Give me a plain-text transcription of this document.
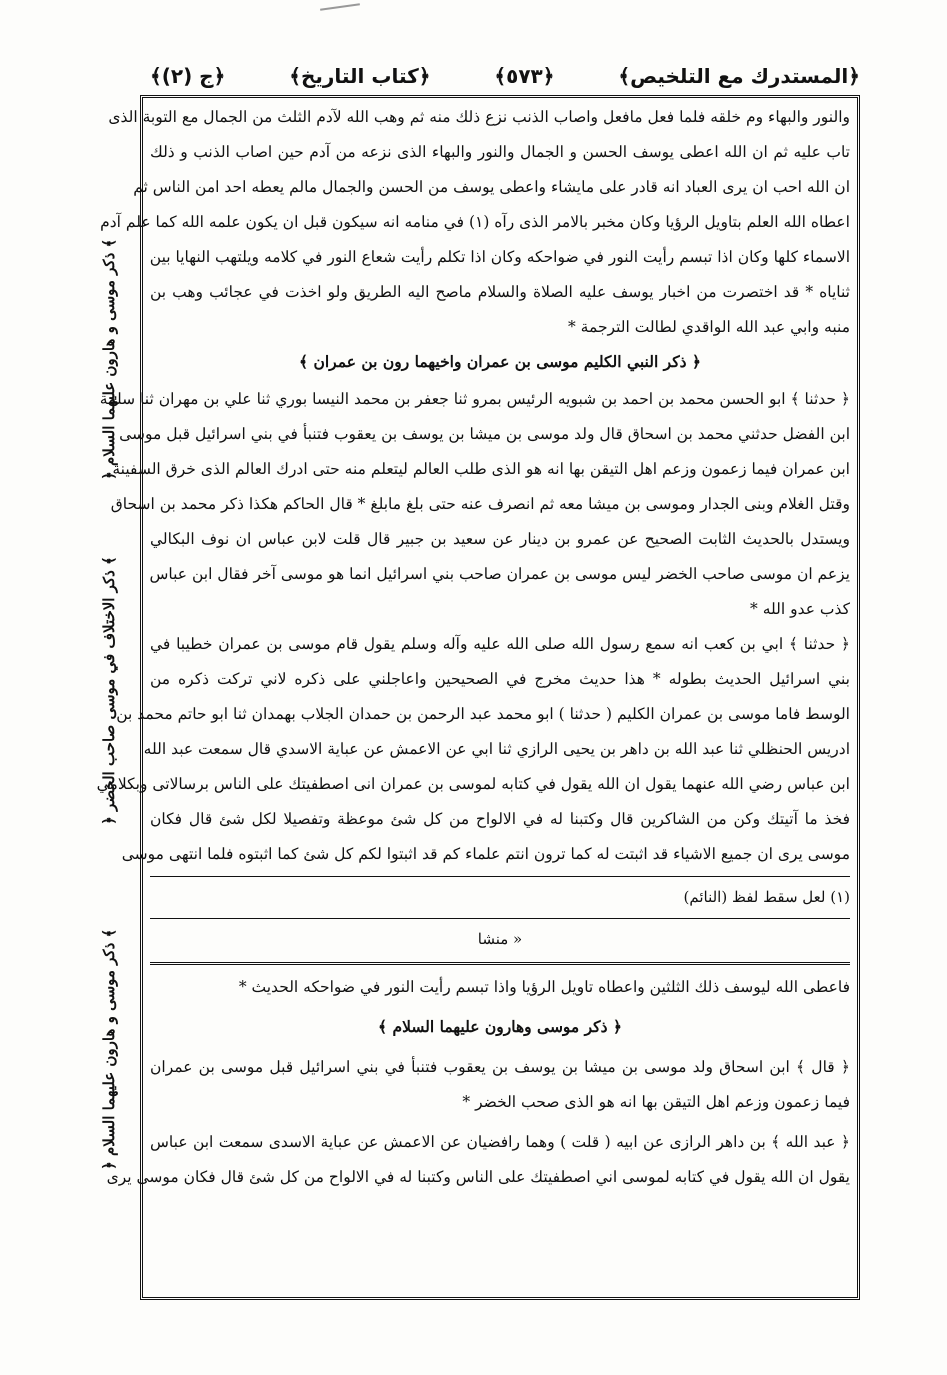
﴿المستدرك مع التلخيص﴾
﴿٥٧٣﴾
﴿كتاب التاريخ﴾
﴿ج (٢)﴾
والنور والبهاء وم خلقه فلما فعل مافعل واصاب الذنب نزع ذلك منه ثم وهب الله لآدم الثلث من الجمال مع التوبة الذى
تاب عليه ثم ان الله اعطى يوسف الحسن و الجمال والنور والبهاء الذى نزعه من آدم حين اصاب الذنب و ذلك
ان الله احب ان يرى العباد انه قادر على مايشاء واعطى يوسف من الحسن والجمال مالم يعطه احد امن الناس ثم
اعطاه الله العلم بتاويل الرؤيا وكان مخبر بالامر الذى رآه (١) في منامه انه سيكون قبل ان يكون علمه الله كما علم آدم
الاسماء كلها وكان اذا تبسم رأيت النور في ضواحكه وكان اذا تكلم رأيت شعاع النور في كلامه ويلتهب النهايا بين
ثناياه * قد اختصرت من اخبار يوسف عليه الصلاة والسلام ماصح اليه الطريق ولو اخذت في عجائب وهب بن
منبه وابي عبد الله الواقدي لطالت الترجمة *
﴿ ذكر النبي الكليم موسى بن عمران واخيهما رون بن عمران ﴾
﴿ حدثنا ﴾ ابو الحسن محمد بن احمد بن شبويه الرئيس بمرو ثنا جعفر بن محمد النيسا بوري ثنا علي بن مهران ثنا سلمة
ابن الفضل حدثني محمد بن اسحاق قال ولد موسى بن ميشا بن يوسف بن يعقوب فتنبأ في بني اسرائيل قبل موسى
ابن عمران فيما زعمون وزعم اهل التيقن بها انه هو الذى طلب العالم ليتعلم منه حتى ادرك العالم الذى خرق السفينة
وقتل الغلام وبنى الجدار وموسى بن ميشا معه ثم انصرف عنه حتى بلغ مابلغ * قال الحاكم هكذا ذكر محمد بن اسحاق
ويستدل بالحديث الثابت الصحيح عن عمرو بن دينار عن سعيد بن جبير قال قلت لابن عباس ان نوف البكالي
يزعم ان موسى صاحب الخضر ليس موسى بن عمران صاحب بني اسرائيل انما هو موسى آخر فقال ابن عباس
كذب عدو الله *
﴿ حدثنا ﴾ ابي بن كعب انه سمع رسول الله صلى الله عليه وآله وسلم يقول قام موسى بن عمران خطيبا في
بني اسرائيل الحديث بطوله * هذا حديث مخرج في الصحيحين واعاجلني على ذكره لاني تركت ذكره من
الوسط فاما موسى بن عمران الكليم ( حدثنا ) ابو محمد عبد الرحمن بن حمدان الجلاب بهمدان ثنا ابو حاتم محمد بن
ادريس الحنظلي ثنا عبد الله بن داهر بن يحيى الرازي ثنا ابي عن الاعمش عن عباية الاسدي قال سمعت عبد الله
ابن عباس رضي الله عنهما يقول ان الله يقول في كتابه لموسى بن عمران انى اصطفيتك على الناس برسالاتى وبكلامي
فخذ ما آتيتك وكن من الشاكرين قال وكتبنا له في الالواح من كل شئ موعظة وتفصيلا لكل شئ قال فكان
موسى يرى ان جميع الاشياء قد اثبتت له كما ترون انتم علماء كم قد اثبتوا لكم كل شئ كما اثبتوه فلما انتهى موسى
(١) لعل سقط لفظ (النائم)
« منشا
فاعطى الله ليوسف ذلك الثلثين واعطاه تاويل الرؤيا واذا تبسم رأيت النور في ضواحكه الحديث *
﴿ ذكر موسى وهارون عليهما السلام ﴾
﴿ قال ﴾ ابن اسحاق ولد موسى بن ميشا بن يوسف بن يعقوب فتنبأ في بني اسرائيل قبل موسى بن عمران
فيما زعمون وزعم اهل التيقن بها انه هو الذى صحب الخضر *
﴿ عبد الله ﴾ بن داهر الرازى عن ابيه ( قلت ) وهما رافضيان عن الاعمش عن عباية الاسدى سمعت ابن عباس
يقول ان الله يقول في كتابه لموسى اني اصطفيتك على الناس وكتبنا له في الالواح من كل شئ قال فكان موسى يرى
﴿ ذكر موسى و هارون عليهما السلام ﴾
﴿ ذكر الاختلاف في موسى صاحب الخضر ﴾
﴿ ذكر موسى و هارون عليهما السلام ﴾
